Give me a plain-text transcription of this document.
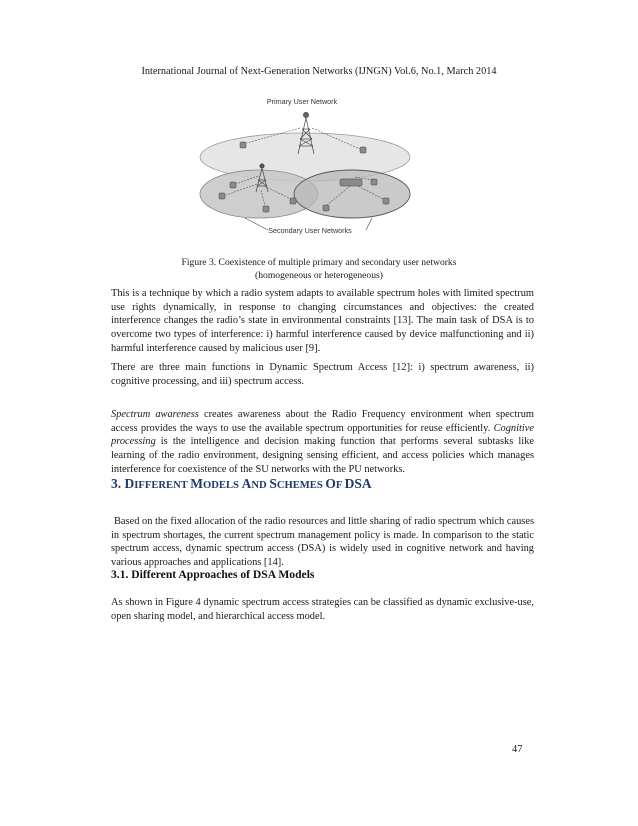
International Journal of Next-Generation Networks (IJNGN) Vol.6, No.1, March 2014
Primary User Network
Secondary User Networks
Figure 3. Coexistence of multiple primary and secondary user networks
(homogeneous or heterogeneous)

This is a technique by which a radio system adapts to available spectrum holes with limited spectrum use rights dynamically, in response to changing circumstances and objectives: the created interference changes the radio’s state in environmental constraints [13]. The main task of DSA is to overcome two types of interference: i) harmful interference caused by device malfunctioning and ii) harmful interference caused by malicious user [9].

There are three main functions in Dynamic Spectrum Access [12]: i) spectrum awareness, ii) cognitive processing, and iii) spectrum access.

Spectrum awareness creates awareness about the Radio Frequency environment when spectrum access provides the ways to use the available spectrum opportunities for reuse efficiently. Cognitive processing is the intelligence and decision making function that performs several subtasks like learning of the radio environment, designing sensing efficient, and access policies which manages interference for coexistence of the SU networks with the PU networks.

3. DIFFERENT MODELS AND SCHEMES OF DSA

Based on the fixed allocation of the radio resources and little sharing of radio spectrum which causes in spectrum shortages, the current spectrum management policy is made. In comparison to the static spectrum access, dynamic spectrum access (DSA) is widely used in cognitive network and having various approaches and applications [14].

3.1. Different Approaches of DSA Models

As shown in Figure 4 dynamic spectrum access strategies can be classified as dynamic exclusive-use, open sharing model, and hierarchical access model.

47
